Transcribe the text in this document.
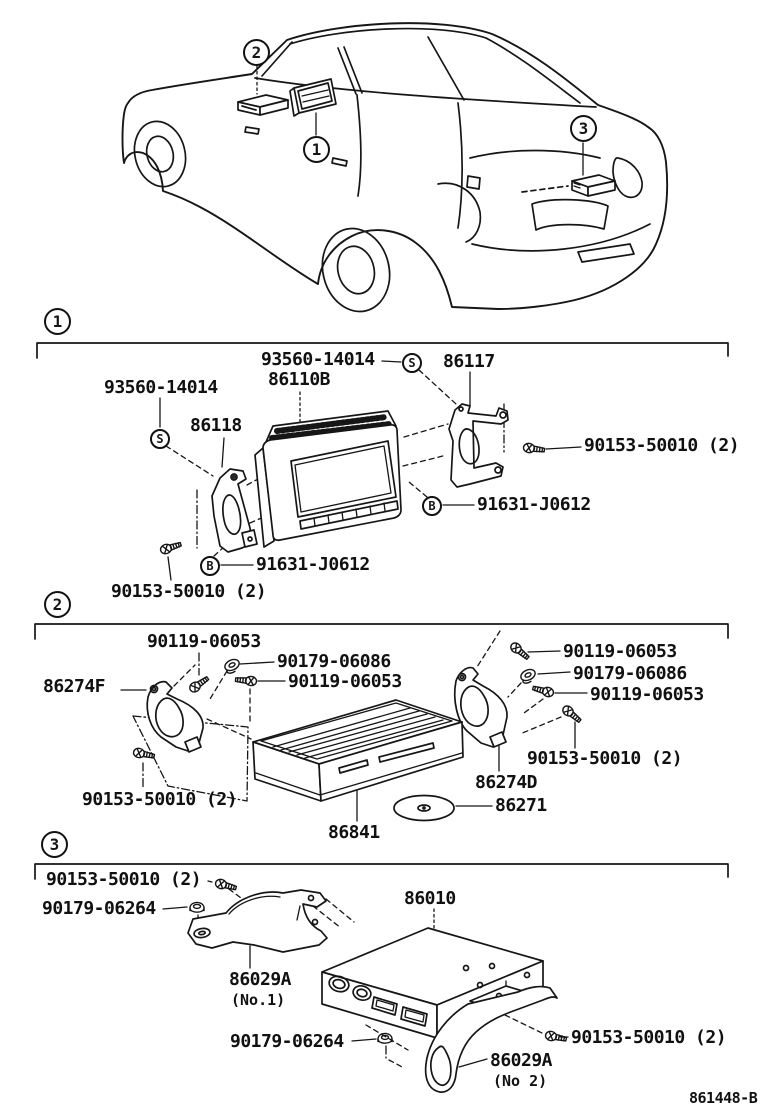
1
2
3
1
2
3
S
S
B
B
93560-14014	86117
86110B
93560-14014
86118
90153-50010 (2)
91631-J0612
91631-J0612
90153-50010 (2)
90119-06053
90179-06086
90119-06053
86274F
90119-06053
90179-06086
90119-06053
90153-50010 (2)
86274D
86271
90153-50010 (2)
86841
90153-50010 (2)
90179-06264	86010
86029A
(No.1)
90179-06264
86029A
(No 2)
90153-50010 (2)
861448-B
